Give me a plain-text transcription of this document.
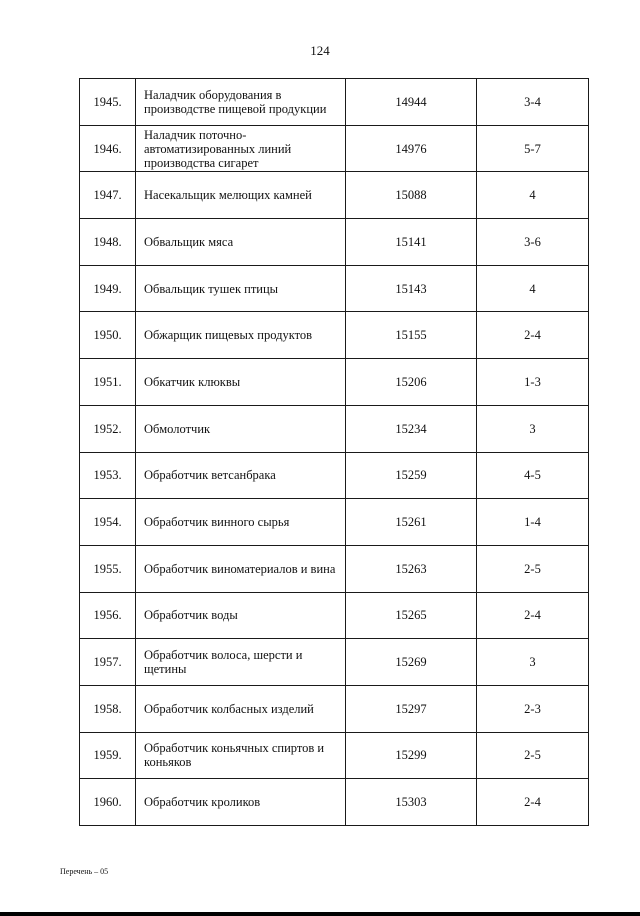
124
1945.	Наладчик оборудования в производстве пищевой продукции	14944	3-4
1946.	Наладчик поточно-автоматизированных линий производства сигарет	14976	5-7
1947.	Насекальщик мелющих камней	15088	4
1948.	Обвальщик мяса	15141	3-6
1949.	Обвальщик тушек птицы	15143	4
1950.	Обжарщик пищевых продуктов	15155	2-4
1951.	Обкатчик клюквы	15206	1-3
1952.	Обмолотчик	15234	3
1953.	Обработчик ветсанбрака	15259	4-5
1954.	Обработчик винного сырья	15261	1-4
1955.	Обработчик виноматериалов и вина	15263	2-5
1956.	Обработчик воды	15265	2-4
1957.	Обработчик волоса, шерсти и щетины	15269	3
1958.	Обработчик колбасных изделий	15297	2-3
1959.	Обработчик коньячных спиртов и коньяков	15299	2-5
1960.	Обработчик кроликов	15303	2-4
Перечень – 05
